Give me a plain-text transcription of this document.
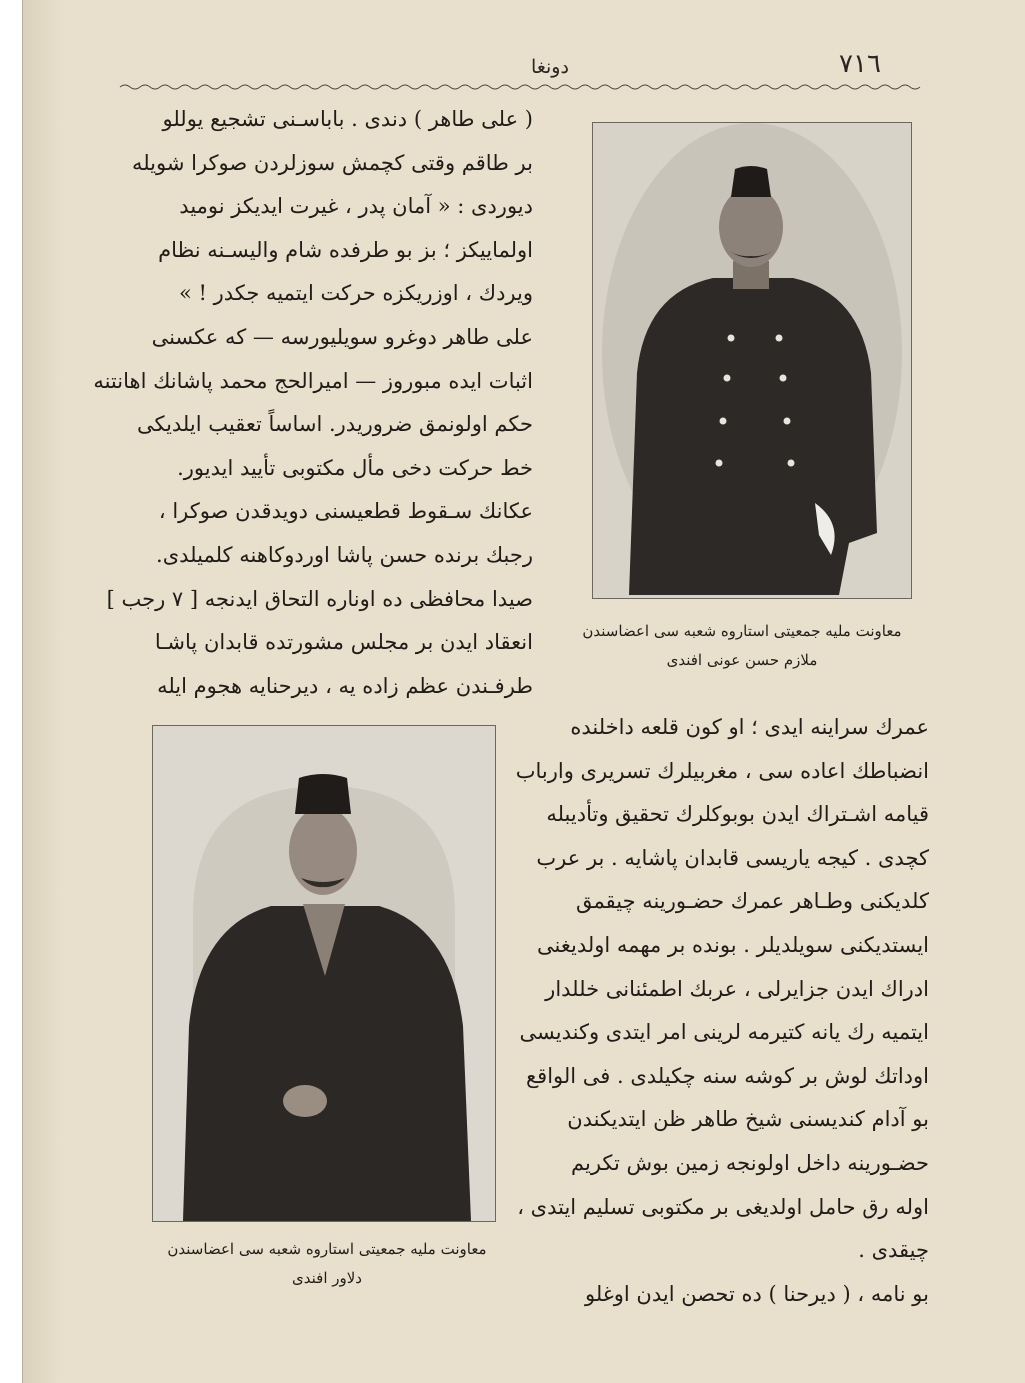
دونغا	٧١٦
( علی طاهر ) دندی . باباسـنی تشجیع یوللو
بر طاقم وقتی کچمش سوزلردن صوکرا شویله
دیوردی : « آمان پدر ، غیرت ایدیکز نومید
اولماییکز ؛ بز بو طرفده شام والیسـنه نظام
ویردك ، اوزریکزه حرکت ایتمیه جکدر ! »
علی طاهر دوغرو سویلیورسه — که عکسنی
اثبات ایده مبوروز — امیرالحج محمد پاشانك اهانتنه
حکم اولونمق ضروریدر. اساساً تعقیب ایلدیکی
خط حرکت دخی مأل مکتوبی تأیید ایدیور.
عکانك سـقوط قطعیسنی دویدقدن صوکرا ،
رجبك برنده حسن پاشا اوردوکاهنه کلمیلدی.
صیدا محافظی ده اوناره التحاق ایدنجه [ ٧ رجب ]
انعقاد ایدن بر مجلس مشورتده قابدان پاشـا
طرفـندن عظم زاده یه ، دیرحنایه هجوم ایله
معاونت ملیه جمعیتی استاروه شعبه سی اعضاسندن
ملازم حسن عونی افندی
معاونت ملیه جمعیتی استاروه شعبه سی اعضاسندن
دلاور افندی
عمرك سراینه ایدی ؛ او کون قلعه داخلنده
انضباطك اعاده سی ، مغربیلرك تسریری وارباب
قیامه اشـتراك ایدن بوبوکلرك تحقیق وتأدیبله
کچدی . کیجه یاریسی قابدان پاشایه . بر عرب
کلدیکنی وطـاهر عمرك حضـورینه چیقمق
ایستدیکنی سویلدیلر . بونده بر مهمه اولدیغنی
ادراك ایدن جزایرلی ، عربك اطمئنانی خللدار
ایتمیه رك یانه کتیرمه لرینی امر ایتدی وکندیسی
اوداتك لوش بر کوشه سنه چکیلدی . فی الواقع
بو آدام کندیسنی شیخ طاهر ظن ایتدیکندن
حضـورینه داخل اولونجه زمین بوش تکریم
اوله رق حامل اولدیغی بر مکتوبی تسلیم ایتدی ،
چیقدی .
بو نامه ، ( دیرحنا ) ده تحصن ایدن اوغلو
